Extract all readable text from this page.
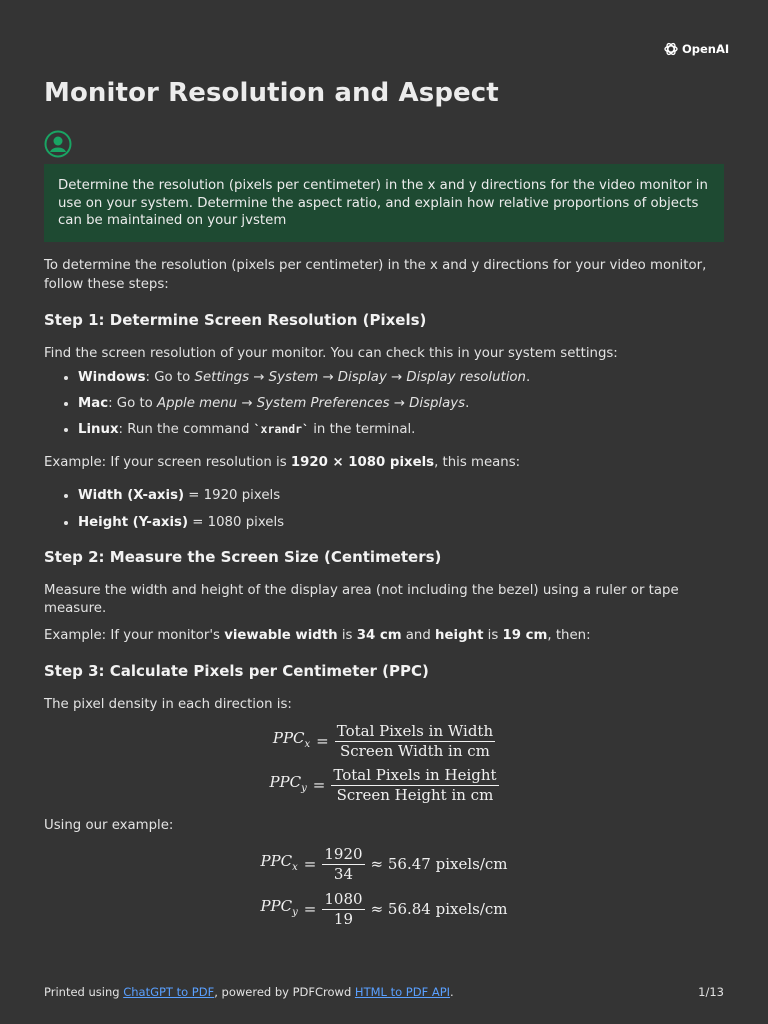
OpenAI
Monitor Resolution and Aspect
Determine the resolution (pixels per centimeter) in the x and y directions for the video monitor in use on your system. Determine the aspect ratio, and explain how relative proportions of objects can be maintained on your jvstem

To determine the resolution (pixels per centimeter) in the x and y directions for your video monitor, follow these steps:

Step 1: Determine Screen Resolution (Pixels)

Find the screen resolution of your monitor. You can check this in your system settings:

• Windows: Go to Settings → System → Display → Display resolution.
• Mac: Go to Apple menu → System Preferences → Displays.
• Linux: Run the command `xrandr` in the terminal.

Example: If your screen resolution is 1920 × 1080 pixels, this means:

• Width (X-axis) = 1920 pixels
• Height (Y-axis) = 1080 pixels
Step 2: Measure the Screen Size (Centimeters)

Measure the width and height of the display area (not including the bezel) using a ruler or tape measure.

Example: If your monitor's viewable width is 34 cm and height is 19 cm, then:

Step 3: Calculate Pixels per Centimeter (PPC)

The pixel density in each direction is:

$PPC_x = \frac{\text{Total Pixels in Width}}{\text{Screen Width in cm}}$
$PPC_y = \frac{\text{Total Pixels in Height}}{\text{Screen Height in cm}}$

Using our example:

$PPC_x = \frac{1920}{34} \approx 56.47$ pixels/cm
$PPC_y = \frac{1080}{19} \approx 56.84$ pixels/cm
Printed using ChatGPT to PDF, powered by PDFCrowd HTML to PDF API.	1/13
